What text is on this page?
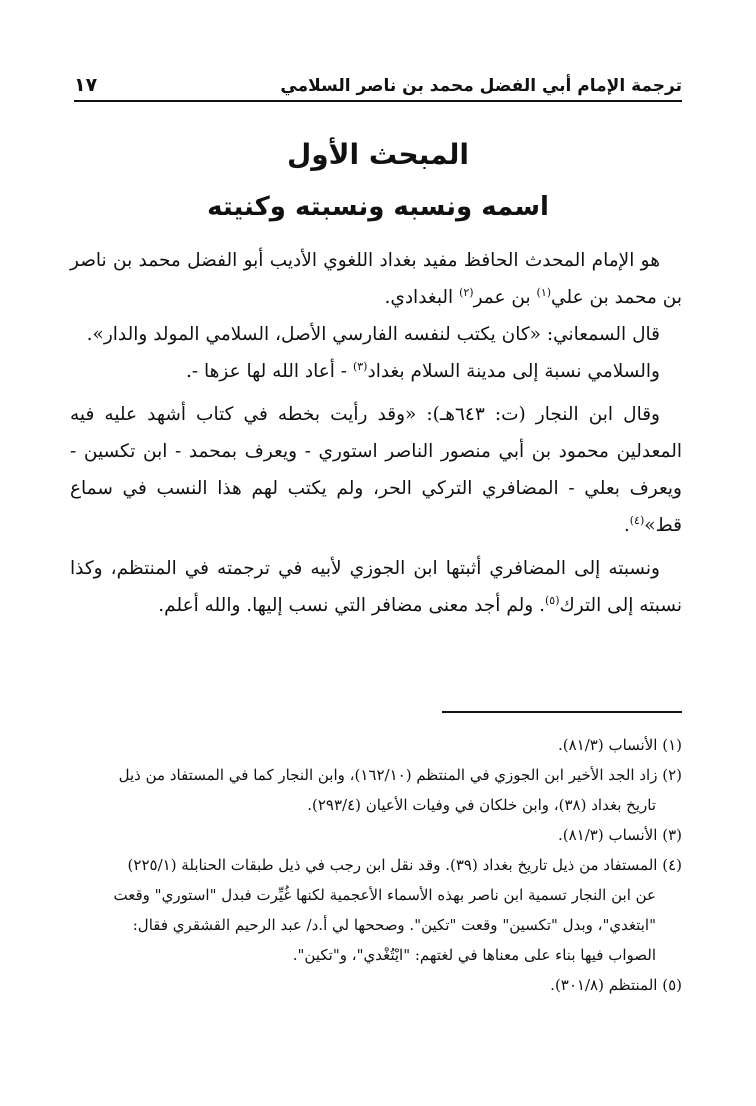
ترجمة الإمام أبي الفضل محمد بن ناصر السلامي
١٧
المبحث الأول
اسمه ونسبه ونسبته وكنيته

هو الإمام المحدث الحافظ مفيد بغداد اللغوي الأديب أبو الفضل محمد بن ناصر بن محمد بن علي$^{(١)}$ بن عمر$^{(٢)}$ البغدادي.

قال السمعاني: «كان يكتب لنفسه الفارسي الأصل، السلامي المولد والدار».

والسلامي نسبة إلى مدينة السلام بغداد$^{(٣)}$ - أعاد الله لها عزها -.

وقال ابن النجار (ت: ٦٤٣هـ): «وقد رأيت بخطه في كتاب أشهد عليه فيه المعدلين محمود بن أبي منصور الناصر استوري - ويعرف بمحمد - ابن تكسين - ويعرف بعلي - المضافري التركي الحر، ولم يكتب لهم هذا النسب في سماع قط»$^{(٤)}$.

ونسبته إلى المضافري أثبتها ابن الجوزي لأبيه في ترجمته في المنتظم، وكذا نسبته إلى الترك$^{(٥)}$. ولم أجد معنى مضافر التي نسب إليها. والله أعلم.

(١) الأنساب (٨١/٣).

(٢) زاد الجد الأخير ابن الجوزي في المنتظم (١٦٢/١٠)، وابن النجار كما في المستفاد من ذيل

تاريخ بغداد (٣٨)، وابن خلكان في وفيات الأعيان (٢٩٣/٤).

(٣) الأنساب (٨١/٣).

(٤) المستفاد من ذيل تاريخ بغداد (٣٩). وقد نقل ابن رجب في ذيل طبقات الحنابلة (٢٢٥/١)

عن ابن النجار تسمية ابن ناصر بهذه الأسماء الأعجمية لكنها غُيِّرت فبدل "استوري" وقعت

"ابتغدي"، وبدل "تكسين" وقعت "تكين". وصححها لي أ.د/ عبد الرحيم القشقري فقال:

الصواب فيها بناء على معناها في لغتهم: "ايْتُغْدي"، و"تكين".

(٥) المنتظم (٣٠١/٨).
